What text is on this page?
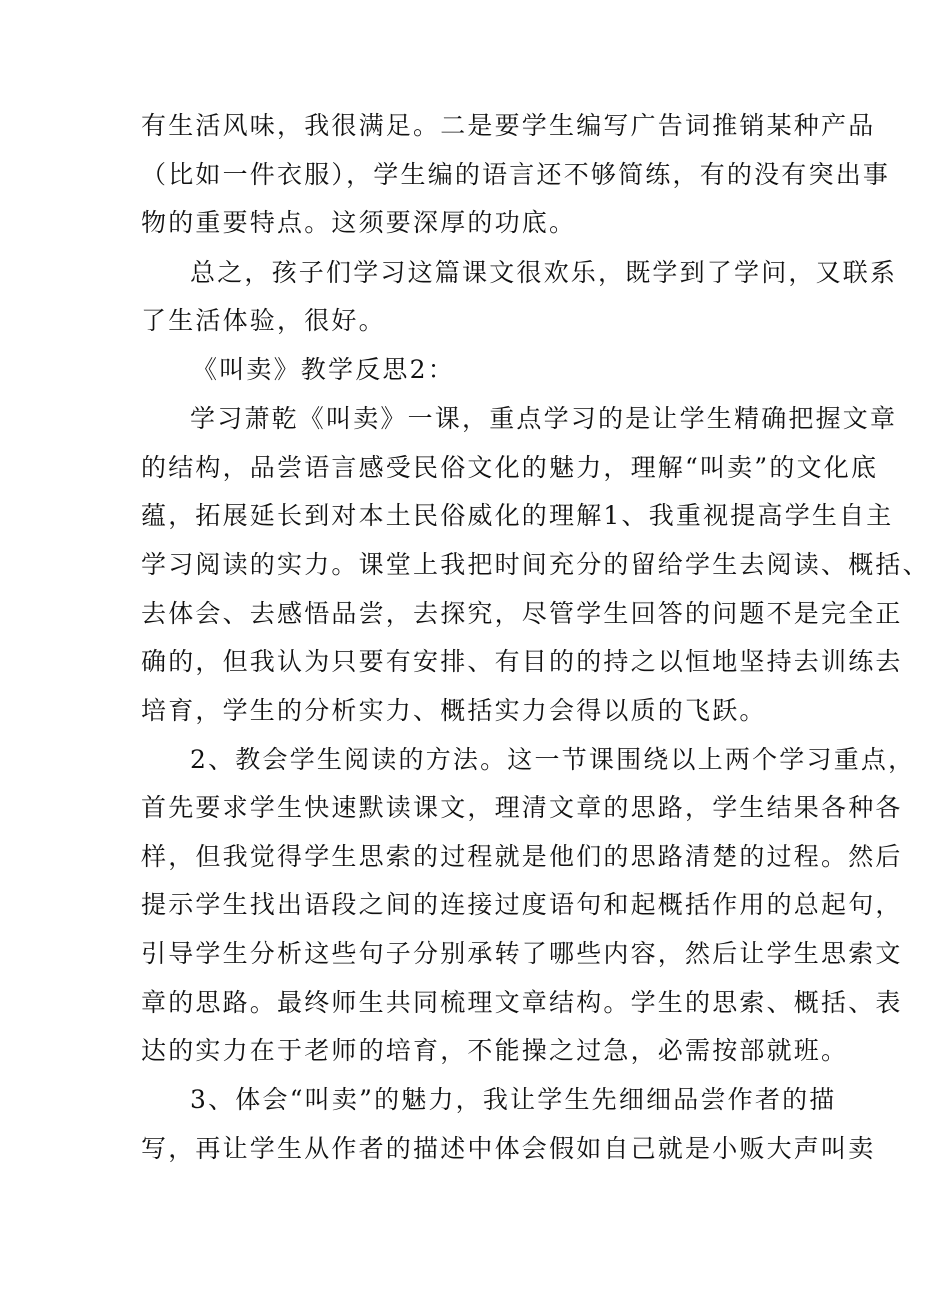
有生活风味，我很满足。二是要学生编写广告词推销某种产品
（比如一件衣服），学生编的语言还不够简练，有的没有突出事
物的重要特点。这须要深厚的功底。
总之，孩子们学习这篇课文很欢乐，既学到了学问，又联系
了生活体验，很好。
《叫卖》教学反思2：
学习萧乾《叫卖》一课，重点学习的是让学生精确把握文章
的结构，品尝语言感受民俗文化的魅力，理解“叫卖”的文化底
蕴，拓展延长到对本土民俗威化的理解1、我重视提高学生自主
学习阅读的实力。课堂上我把时间充分的留给学生去阅读、概括、
去体会、去感悟品尝，去探究，尽管学生回答的问题不是完全正
确的，但我认为只要有安排、有目的的持之以恒地坚持去训练去
培育，学生的分析实力、概括实力会得以质的飞跃。
2、教会学生阅读的方法。这一节课围绕以上两个学习重点，
首先要求学生快速默读课文，理清文章的思路，学生结果各种各
样，但我觉得学生思索的过程就是他们的思路清楚的过程。然后
提示学生找出语段之间的连接过度语句和起概括作用的总起句，
引导学生分析这些句子分别承转了哪些内容，然后让学生思索文
章的思路。最终师生共同梳理文章结构。学生的思索、概括、表
达的实力在于老师的培育，不能操之过急，必需按部就班。
3、体会“叫卖”的魅力，我让学生先细细品尝作者的描
写，再让学生从作者的描述中体会假如自己就是小贩大声叫卖
